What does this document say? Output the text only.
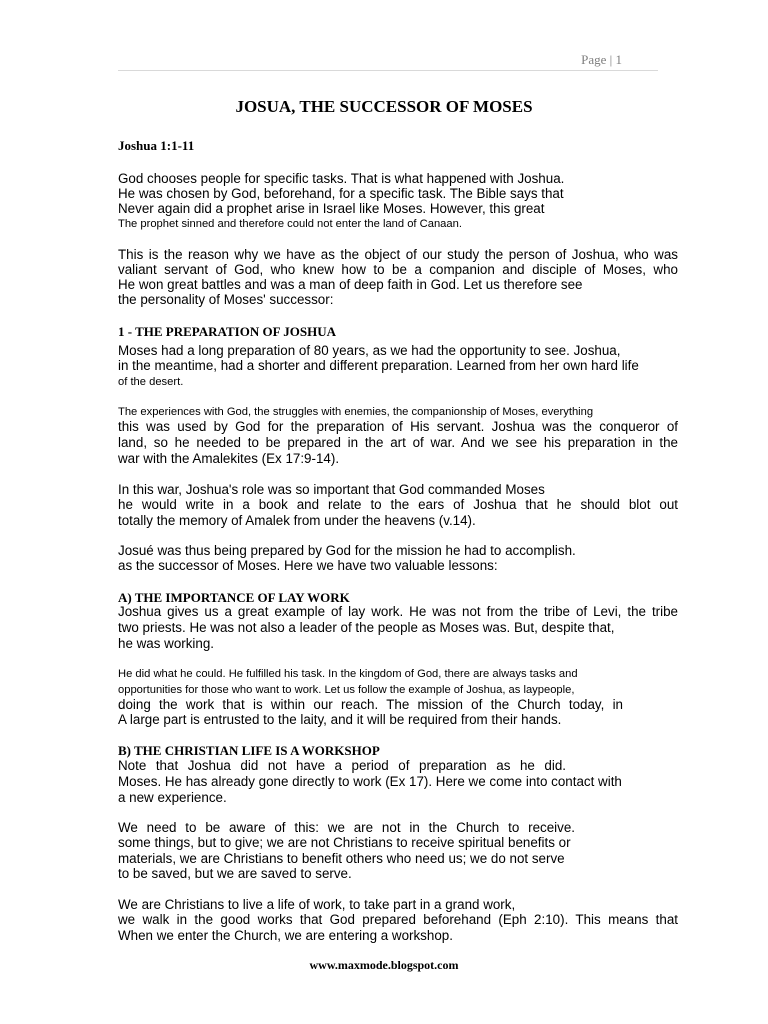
Page | 1
JOSUA, THE SUCCESSOR OF MOSES
Joshua 1:1-11
God chooses people for specific tasks. That is what happened with Joshua.
He was chosen by God, beforehand, for a specific task. The Bible says that
Never again did a prophet arise in Israel like Moses. However, this great
The prophet sinned and therefore could not enter the land of Canaan.
This is the reason why we have as the object of our study the person of Joshua, who was
valiant servant of God, who knew how to be a companion and disciple of Moses, who
He won great battles and was a man of deep faith in God. Let us therefore see
the personality of Moses' successor:
1 - THE PREPARATION OF JOSHUA
Moses had a long preparation of 80 years, as we had the opportunity to see. Joshua,
in the meantime, had a shorter and different preparation. Learned from her own hard life
of the desert.
The experiences with God, the struggles with enemies, the companionship of Moses, everything
this was used by God for the preparation of His servant. Joshua was the conqueror of
land, so he needed to be prepared in the art of war. And we see his preparation in the
war with the Amalekites (Ex 17:9-14).
In this war, Joshua's role was so important that God commanded Moses
he would write in a book and relate to the ears of Joshua that he should blot out
totally the memory of Amalek from under the heavens (v.14).
Josué was thus being prepared by God for the mission he had to accomplish.
as the successor of Moses. Here we have two valuable lessons:
A) THE IMPORTANCE OF LAY WORK
Joshua gives us a great example of lay work. He was not from the tribe of Levi, the tribe
two priests. He was not also a leader of the people as Moses was. But, despite that,
he was working.
He did what he could. He fulfilled his task. In the kingdom of God, there are always tasks and
opportunities for those who want to work. Let us follow the example of Joshua, as laypeople,
doing the work that is within our reach. The mission of the Church today, in
A large part is entrusted to the laity, and it will be required from their hands.
B) THE CHRISTIAN LIFE IS A WORKSHOP
Note that Joshua did not have a period of preparation as he did.
Moses. He has already gone directly to work (Ex 17). Here we come into contact with
a new experience.
We need to be aware of this: we are not in the Church to receive.
some things, but to give; we are not Christians to receive spiritual benefits or
materials, we are Christians to benefit others who need us; we do not serve
to be saved, but we are saved to serve.
We are Christians to live a life of work, to take part in a grand work,
we walk in the good works that God prepared beforehand (Eph 2:10). This means that
When we enter the Church, we are entering a workshop.
www.maxmode.blogspot.com
